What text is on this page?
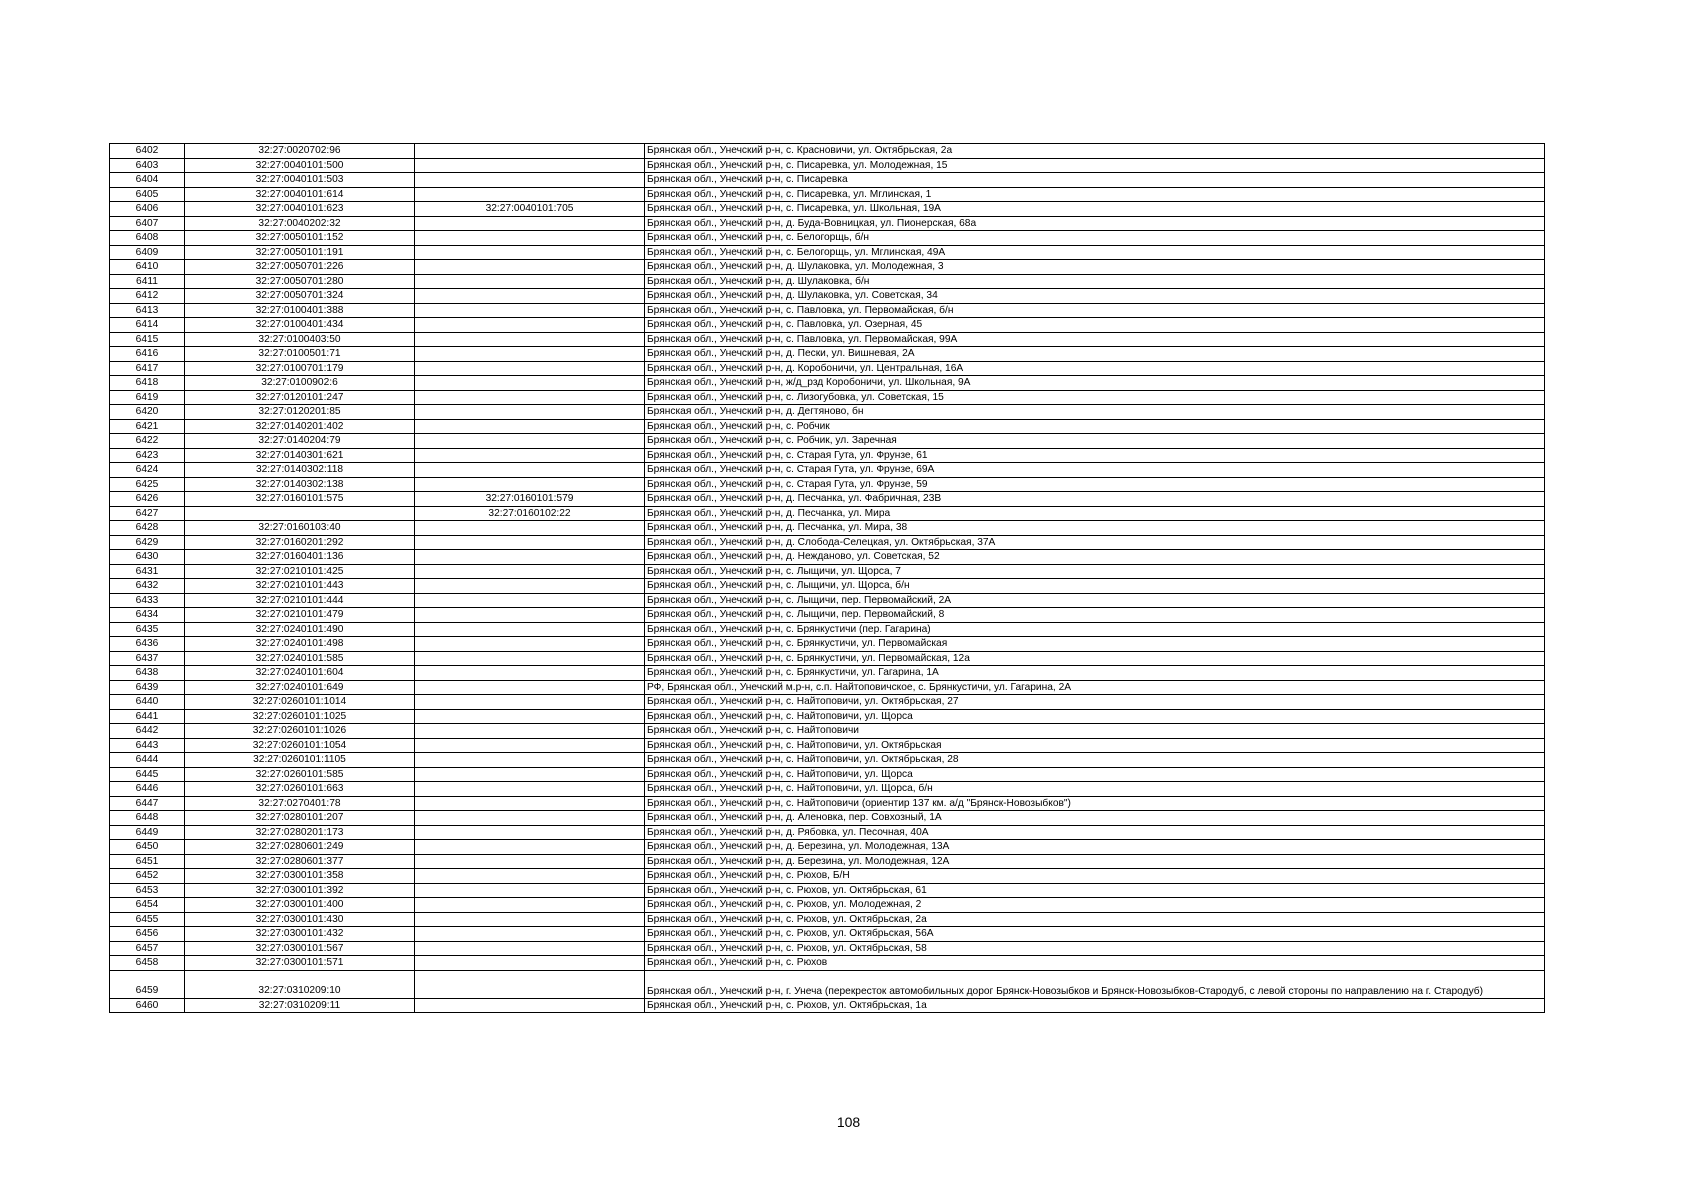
6402	32:27:0020702:96		Брянская обл., Унечский р-н, с. Красновичи, ул. Октябрьская, 2а
6403	32:27:0040101:500		Брянская обл., Унечский р-н, с. Писаревка, ул. Молодежная, 15
6404	32:27:0040101:503		Брянская обл., Унечский р-н, с. Писаревка
6405	32:27:0040101:614		Брянская обл., Унечский р-н, с. Писаревка, ул. Мглинская, 1
6406	32:27:0040101:623	32:27:0040101:705	Брянская обл., Унечский р-н, с. Писаревка, ул. Школьная, 19А
6407	32:27:0040202:32		Брянская обл., Унечский р-н, д. Буда-Вовницкая, ул. Пионерская, 68а
6408	32:27:0050101:152		Брянская обл., Унечский р-н, с. Белогорщь, б/н
6409	32:27:0050101:191		Брянская обл., Унечский р-н, с. Белогорщь, ул. Мглинская, 49А
6410	32:27:0050701:226		Брянская обл., Унечский р-н, д. Шулаковка, ул. Молодежная, 3
6411	32:27:0050701:280		Брянская обл., Унечский р-н, д. Шулаковка, б/н
6412	32:27:0050701:324		Брянская обл., Унечский р-н, д. Шулаковка, ул. Советская, 34
6413	32:27:0100401:388		Брянская обл., Унечский р-н, с. Павловка, ул. Первомайская, б/н
6414	32:27:0100401:434		Брянская обл., Унечский р-н, с. Павловка, ул. Озерная, 45
6415	32:27:0100403:50		Брянская обл., Унечский р-н, с. Павловка, ул. Первомайская, 99А
6416	32:27:0100501:71		Брянская обл., Унечский р-н, д. Пески, ул. Вишневая, 2А
6417	32:27:0100701:179		Брянская обл., Унечский р-н, д. Коробоничи, ул. Центральная, 16А
6418	32:27:0100902:6		Брянская обл., Унечский р-н, ж/д_рзд Коробоничи, ул. Школьная, 9А
6419	32:27:0120101:247		Брянская обл., Унечский р-н, с. Лизогубовка, ул. Советская, 15
6420	32:27:0120201:85		Брянская обл., Унечский р-н, д. Дегтяново, бн
6421	32:27:0140201:402		Брянская обл., Унечский р-н, с. Робчик
6422	32:27:0140204:79		Брянская обл., Унечский р-н, с. Робчик, ул. Заречная
6423	32:27:0140301:621		Брянская обл., Унечский р-н, с. Старая Гута, ул. Фрунзе, 61
6424	32:27:0140302:118		Брянская обл., Унечский р-н, с. Старая Гута, ул. Фрунзе, 69А
6425	32:27:0140302:138		Брянская обл., Унечский р-н, с. Старая Гута, ул. Фрунзе, 59
6426	32:27:0160101:575	32:27:0160101:579	Брянская обл., Унечский р-н, д. Песчанка, ул. Фабричная, 23В
6427		32:27:0160102:22	Брянская обл., Унечский р-н, д. Песчанка, ул. Мира
6428	32:27:0160103:40		Брянская обл., Унечский р-н, д. Песчанка, ул. Мира, 38
6429	32:27:0160201:292		Брянская обл., Унечский р-н, д. Слобода-Селецкая, ул. Октябрьская, 37А
6430	32:27:0160401:136		Брянская обл., Унечский р-н, д. Неждановo, ул. Советская, 52
6431	32:27:0210101:425		Брянская обл., Унечский р-н, с. Лыщичи, ул. Щорса, 7
6432	32:27:0210101:443		Брянская обл., Унечский р-н, с. Лыщичи, ул. Щорса, б/н
6433	32:27:0210101:444		Брянская обл., Унечский р-н, с. Лыщичи, пер. Первомайский, 2А
6434	32:27:0210101:479		Брянская обл., Унечский р-н, с. Лыщичи, пер. Первомайский, 8
6435	32:27:0240101:490		Брянская обл., Унечский р-н, с. Брянкустичи (пер. Гагарина)
6436	32:27:0240101:498		Брянская обл., Унечский р-н, с. Брянкустичи, ул. Первомайская
6437	32:27:0240101:585		Брянская обл., Унечский р-н, с. Брянкустичи, ул. Первомайская, 12а
6438	32:27:0240101:604		Брянская обл., Унечский р-н, с. Брянкустичи, ул. Гагарина, 1А
6439	32:27:0240101:649		РФ, Брянская обл., Унечский м.р-н, с.п. Найтоповичское, с. Брянкустичи, ул. Гагарина, 2А
6440	32:27:0260101:1014		Брянская обл., Унечский р-н, с. Найтоповичи, ул. Октябрьская, 27
6441	32:27:0260101:1025		Брянская обл., Унечский р-н, с. Найтоповичи, ул. Щорса
6442	32:27:0260101:1026		Брянская обл., Унечский р-н, с. Найтоповичи
6443	32:27:0260101:1054		Брянская обл., Унечский р-н, с. Найтоповичи, ул. Октябрьская
6444	32:27:0260101:1105		Брянская обл., Унечский р-н, с. Найтоповичи, ул. Октябрьская, 28
6445	32:27:0260101:585		Брянская обл., Унечский р-н, с. Найтоповичи, ул. Щорса
6446	32:27:0260101:663		Брянская обл., Унечский р-н, с. Найтоповичи, ул. Щорса, б/н
6447	32:27:0270401:78		Брянская обл., Унечский р-н, с. Найтоповичи (ориентир 137 км. а/д "Брянск-Новозыбков")
6448	32:27:0280101:207		Брянская обл., Унечский р-н, д. Аленовка, пер. Совхозный, 1А
6449	32:27:0280201:173		Брянская обл., Унечский р-н, д. Рябовка, ул. Песочная, 40А
6450	32:27:0280601:249		Брянская обл., Унечский р-н, д. Березина, ул. Молодежная, 13А
6451	32:27:0280601:377		Брянская обл., Унечский р-н, д. Березина, ул. Молодежная, 12А
6452	32:27:0300101:358		Брянская обл., Унечский р-н, с. Рюхов, Б/Н
6453	32:27:0300101:392		Брянская обл., Унечский р-н, с. Рюхов, ул. Октябрьская, 61
6454	32:27:0300101:400		Брянская обл., Унечский р-н, с. Рюхов, ул. Молодежная, 2
6455	32:27:0300101:430		Брянская обл., Унечский р-н, с. Рюхов, ул. Октябрьская, 2а
6456	32:27:0300101:432		Брянская обл., Унечский р-н, с. Рюхов, ул. Октябрьская, 56А
6457	32:27:0300101:567		Брянская обл., Унечский р-н, с. Рюхов, ул. Октябрьская, 58
6458	32:27:0300101:571		Брянская обл., Унечский р-н, с. Рюхов
6459	32:27:0310209:10		Брянская обл., Унечский р-н, г. Унеча (перекресток автомобильных дорог Брянск-Новозыбков и Брянск-Новозыбков-Стародуб, с левой стороны по направлению на г. Стародуб)
6460	32:27:0310209:11		Брянская обл., Унечский р-н, с. Рюхов, ул. Октябрьская, 1а
108
